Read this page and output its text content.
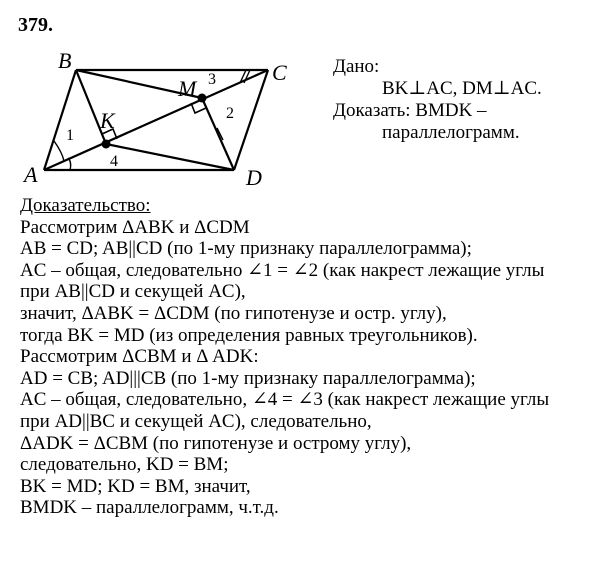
379.
A
B	C
D
K
M
1
2
3
4
Дано:
BK⊥AC, DM⊥AC.
Доказать: BMDK –
параллелограмм.
Доказательство:
Рассмотрим ΔABK и ΔCDM
AB = CD; AB||CD (по 1-му признаку параллелограмма);
AC – общая, следовательно ∠1 = ∠2 (как накрест лежащие углы
при AB||CD и секущей AC),
значит, ΔABK = ΔCDM (по гипотенузе и остр. углу),
тогда BK = MD (из определения равных треугольников).
Рассмотрим ΔCBM и Δ ADK:
AD = CB; AD|||CB (по 1-му признаку параллелограмма);
AC – общая, следовательно, ∠4 = ∠3 (как накрест лежащие углы
при AD||BC и секущей AC), следовательно,
ΔADK = ΔCBM (по гипотенузе и острому углу),
следовательно, KD = BM;
BK = MD; KD = BM, значит,
BMDK – параллелограмм, ч.т.д.
